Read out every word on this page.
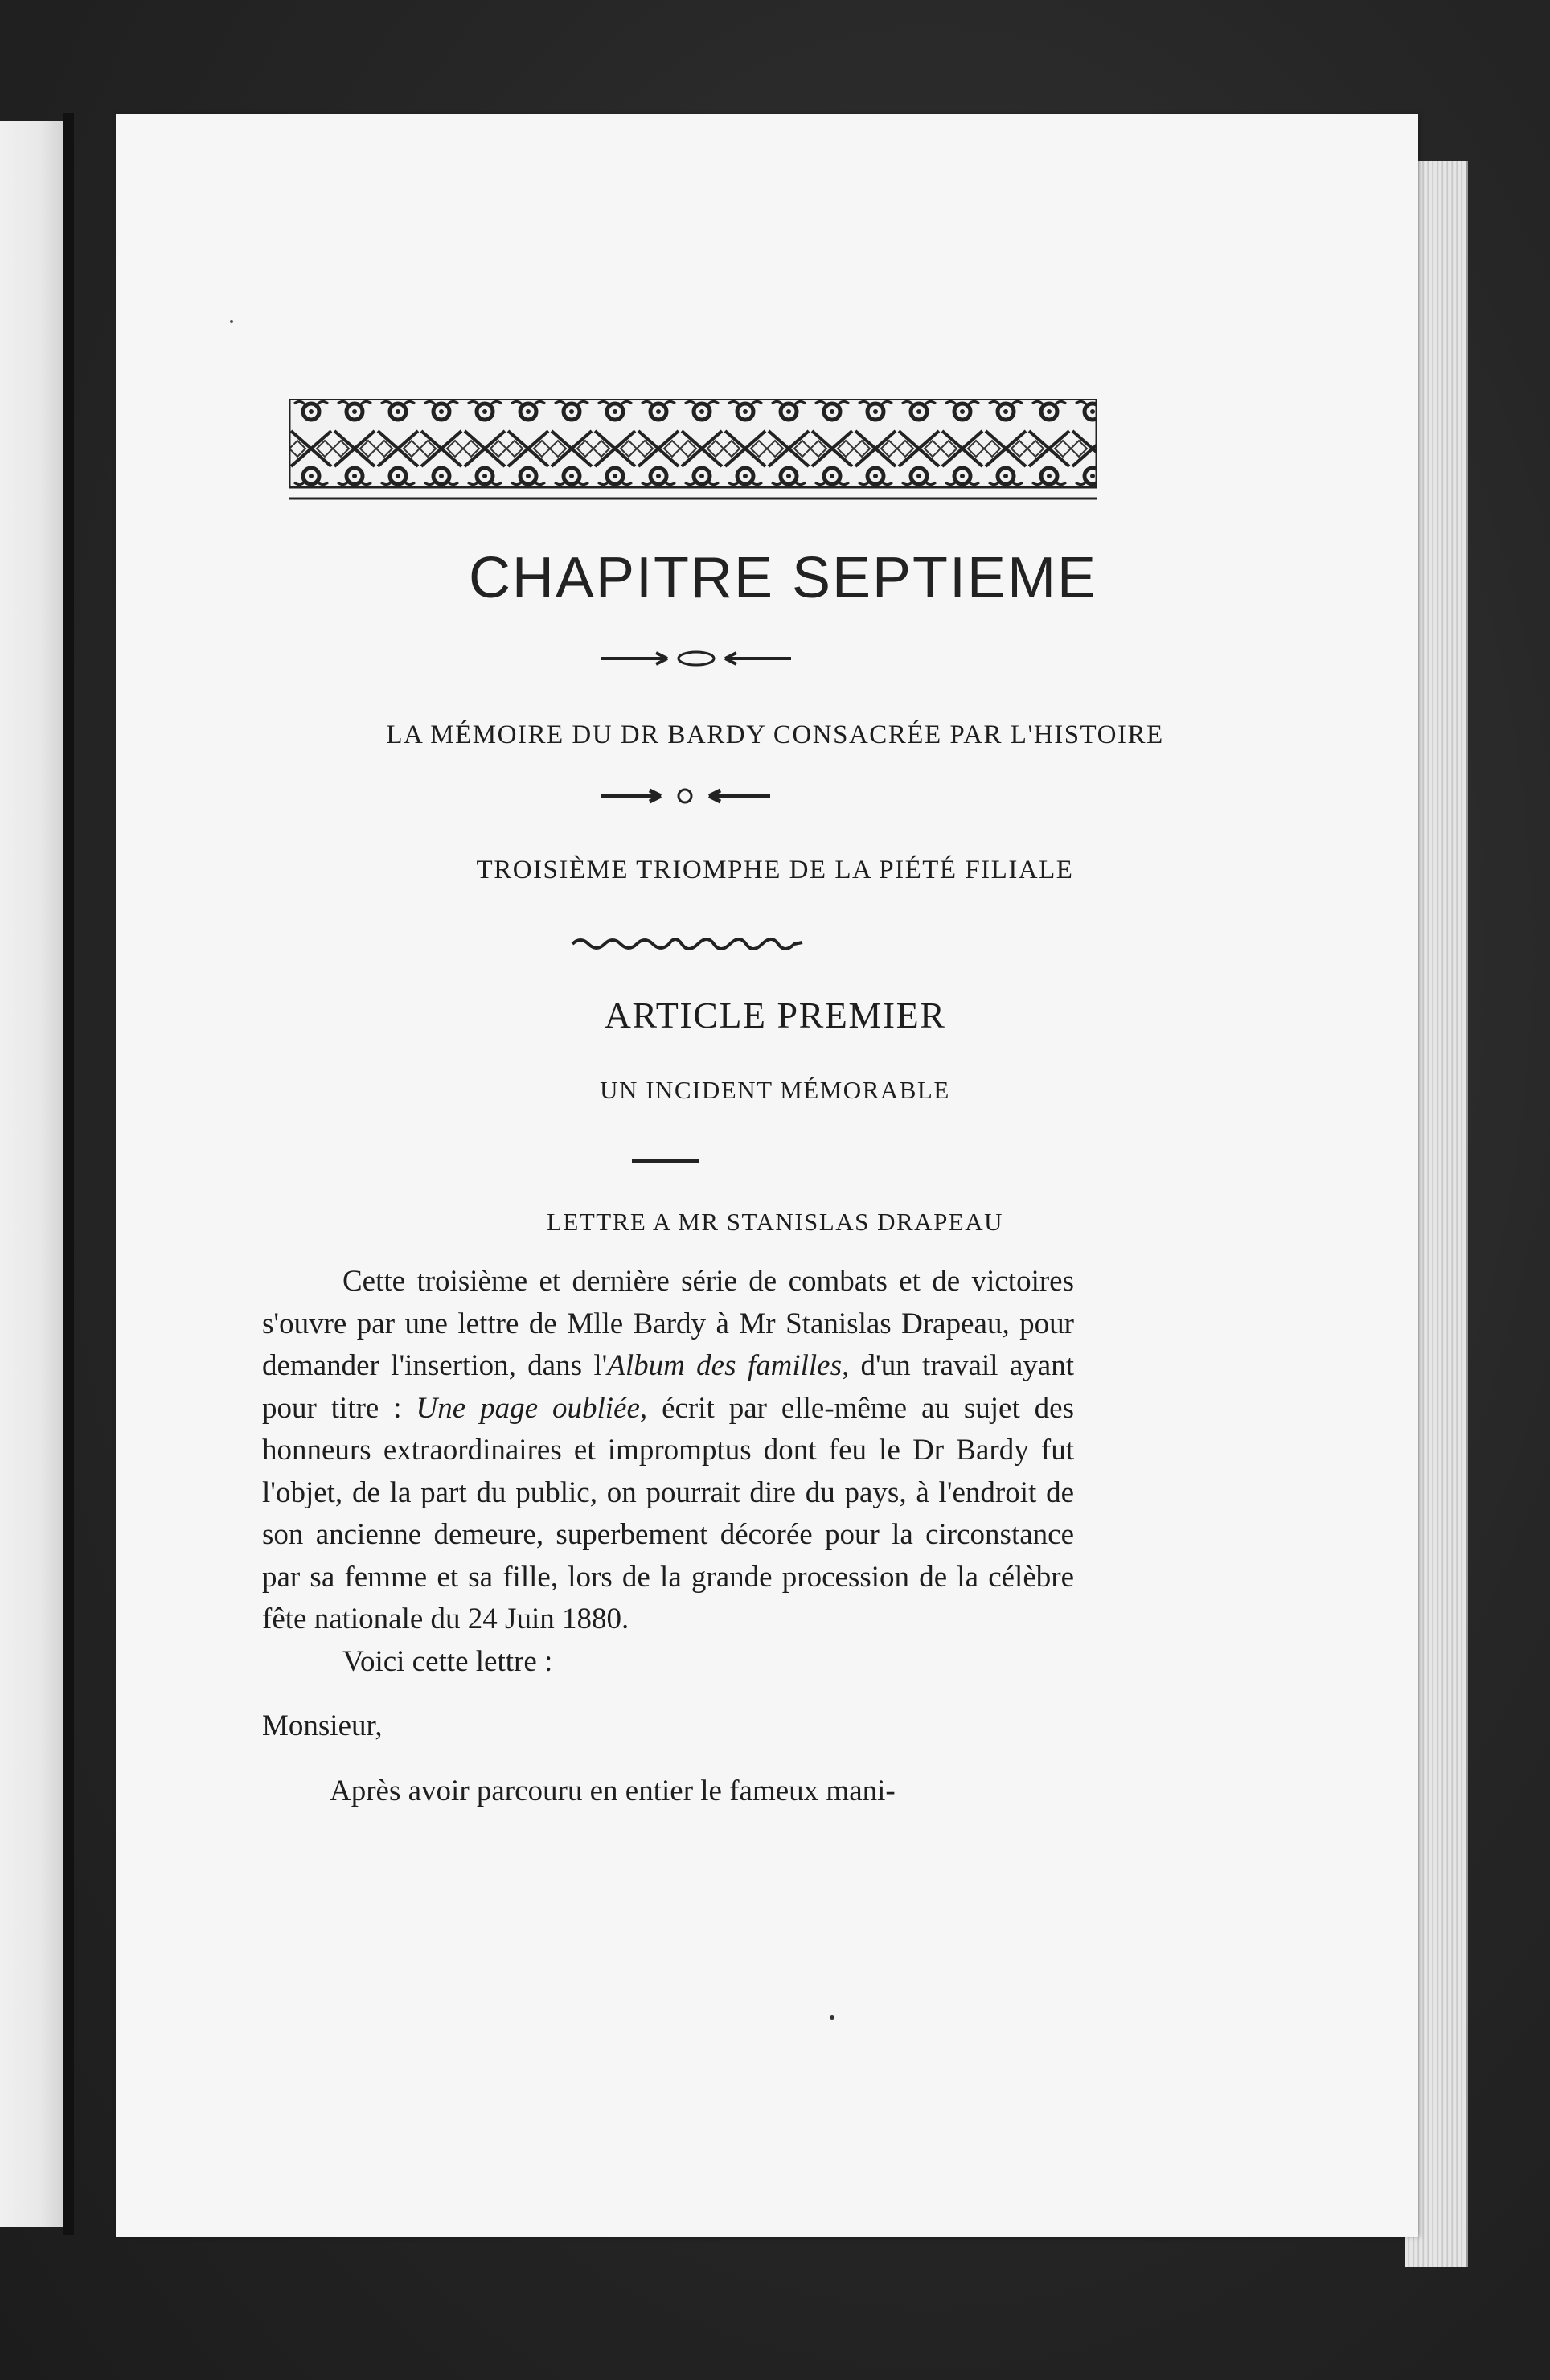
CHAPITRE SEPTIEME
LA MÉMOIRE DU DR BARDY CONSACRÉE PAR L'HISTOIRE
TROISIÈME TRIOMPHE DE LA PIÉTÉ FILIALE
ARTICLE PREMIER
UN INCIDENT MÉMORABLE
LETTRE A MR STANISLAS DRAPEAU

Cette troisième et dernière série de combats et de victoires s'ouvre par une lettre de Mlle Bardy à Mr Stanislas Drapeau, pour demander l'insertion, dans l'Album des familles, d'un travail ayant pour titre : Une page oubliée, écrit par elle-même au sujet des honneurs extraordinaires et impromptus dont feu le Dr Bardy fut l'objet, de la part du public, on pourrait dire du pays, à l'endroit de son ancienne demeure, superbement décorée pour la circonstance par sa femme et sa fille, lors de la grande procession de la célèbre fête nationale du 24 Juin 1880.

Voici cette lettre :

Monsieur,

Après avoir parcouru en entier le fameux mani-
